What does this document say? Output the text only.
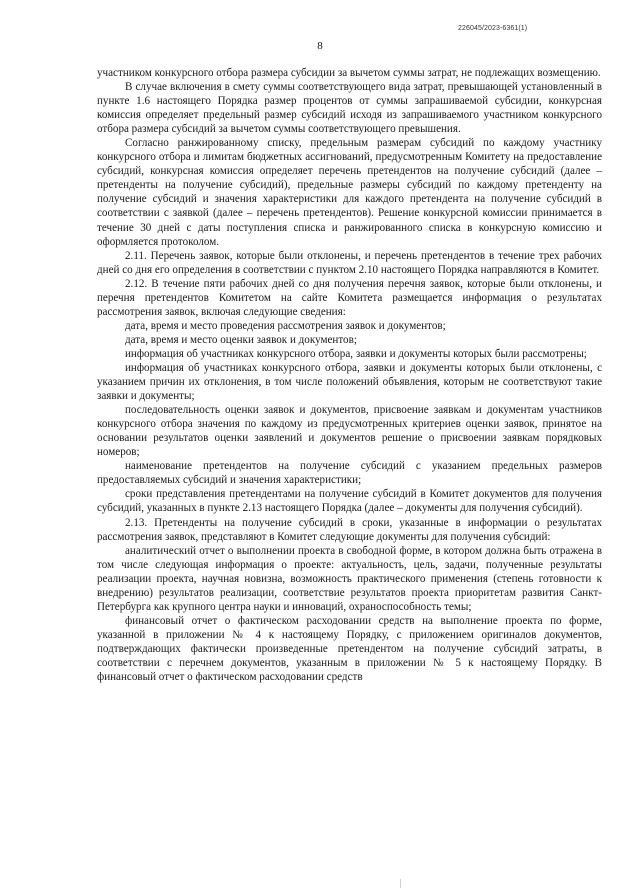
226045/2023-6361(1)
8

участником конкурсного отбора размера субсидии за вычетом суммы затрат, не подлежащих возмещению.

В случае включения в смету суммы соответствующего вида затрат, превышающей установленный в пункте 1.6 настоящего Порядка размер процентов от суммы запрашиваемой субсидии, конкурсная комиссия определяет предельный размер субсидий исходя из запрашиваемого участником конкурсного отбора размера субсидий за вычетом суммы соответствующего превышения.

Согласно ранжированному списку, предельным размерам субсидий по каждому участнику конкурсного отбора и лимитам бюджетных ассигнований, предусмотренным Комитету на предоставление субсидий, конкурсная комиссия определяет перечень претендентов на получение субсидий (далее – претенденты на получение субсидий), предельные размеры субсидий по каждому претенденту на получение субсидий и значения характеристики для каждого претендента на получение субсидий в соответствии с заявкой (далее – перечень претендентов). Решение конкурсной комиссии принимается в течение 30 дней с даты поступления списка и ранжированного списка в конкурсную комиссию и оформляется протоколом.

2.11. Перечень заявок, которые были отклонены, и перечень претендентов в течение трех рабочих дней со дня его определения в соответствии с пунктом 2.10 настоящего Порядка направляются в Комитет.

2.12. В течение пяти рабочих дней со дня получения перечня заявок, которые были отклонены, и перечня претендентов Комитетом на сайте Комитета размещается информация о результатах рассмотрения заявок, включая следующие сведения:

дата, время и место проведения рассмотрения заявок и документов;

дата, время и место оценки заявок и документов;

информация об участниках конкурсного отбора, заявки и документы которых были рассмотрены;

информация об участниках конкурсного отбора, заявки и документы которых были отклонены, с указанием причин их отклонения, в том числе положений объявления, которым не соответствуют такие заявки и документы;

последовательность оценки заявок и документов, присвоение заявкам и документам участников конкурсного отбора значения по каждому из предусмотренных критериев оценки заявок, принятое на основании результатов оценки заявлений и документов решение о присвоении заявкам порядковых номеров;

наименование претендентов на получение субсидий с указанием предельных размеров предоставляемых субсидий и значения характеристики;

сроки представления претендентами на получение субсидий в Комитет документов для получения субсидий, указанных в пункте 2.13 настоящего Порядка (далее – документы для получения субсидий).

2.13. Претенденты на получение субсидий в сроки, указанные в информации о результатах рассмотрения заявок, представляют в Комитет следующие документы для получения субсидий:

аналитический отчет о выполнении проекта в свободной форме, в котором должна быть отражена в том числе следующая информация о проекте: актуальность, цель, задачи, полученные результаты реализации проекта, научная новизна, возможность практического применения (степень готовности к внедрению) результатов реализации, соответствие результатов проекта приоритетам развития Санкт-Петербурга как крупного центра науки и инноваций, охраноспособность темы;

финансовый отчет о фактическом расходовании средств на выполнение проекта по форме, указанной в приложении № 4 к настоящему Порядку, с приложением оригиналов документов, подтверждающих фактически произведенные претендентом на получение субсидий затраты, в соответствии с перечнем документов, указанным в приложении № 5 к настоящему Порядку. В финансовый отчет о фактическом расходовании средств
